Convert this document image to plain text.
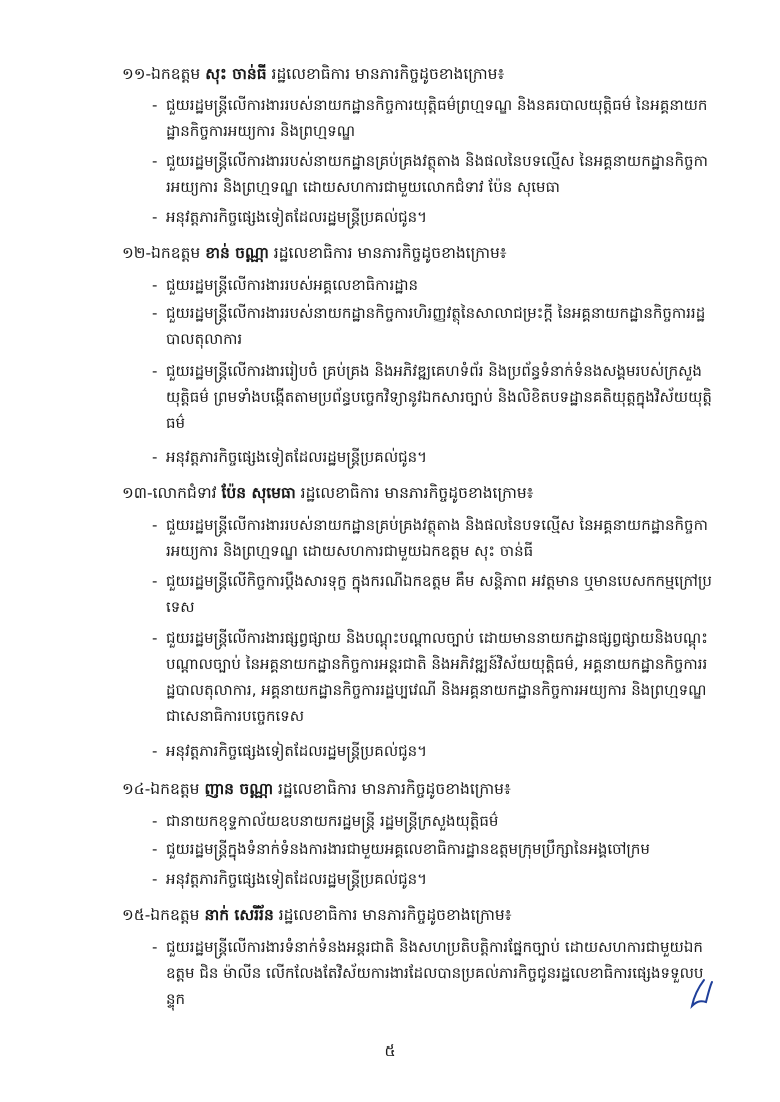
១១-ឯកឧត្តម សុះ ចាន់ធី រដ្ឋលេខាធិការ មានភារកិច្ចដូចខាងក្រោម៖
- ជួយរដ្ឋមន្ត្រីលើការងាររបស់នាយកដ្ឋានកិច្ចការយុត្តិធម៌ព្រហ្មទណ្ឌ និងនគរបាលយុត្តិធម៌ នៃអគ្គនាយកដ្ឋានកិច្ចការអយ្យការ និងព្រហ្មទណ្ឌ
- ជួយរដ្ឋមន្ត្រីលើការងាររបស់នាយកដ្ឋានគ្រប់គ្រងវត្ថុតាង និងផលនៃបទល្មើស នៃអគ្គនាយកដ្ឋានកិច្ចការអយ្យការ និងព្រហ្មទណ្ឌ ដោយសហការជាមួយលោកជំទាវ ប៉ែន សុមេធា
- អនុវត្តភារកិច្ចផ្សេងទៀតដែលរដ្ឋមន្ត្រីប្រគល់ជូន។
១២-ឯកឧត្តម ខាន់ ចណ្ណា រដ្ឋលេខាធិការ មានភារកិច្ចដូចខាងក្រោម៖
- ជួយរដ្ឋមន្ត្រីលើការងាររបស់អគ្គលេខាធិការដ្ឋាន
- ជួយរដ្ឋមន្ត្រីលើការងាររបស់នាយកដ្ឋានកិច្ចការហិរញ្ញវត្ថុនៃសាលាជម្រះក្តី នៃអគ្គនាយកដ្ឋានកិច្ចការរដ្ឋបាលតុលាការ
- ជួយរដ្ឋមន្ត្រីលើការងាររៀបចំ គ្រប់គ្រង និងអភិវឌ្ឍគេហទំព័រ និងប្រព័ន្ធទំនាក់ទំនងសង្គមរបស់ក្រសួងយុត្តិធម៌ ព្រមទាំងបង្កើតតាមប្រព័ន្ធបច្ចេកវិទ្យានូវឯកសារច្បាប់ និងលិខិតបទដ្ឋានគតិយុត្តក្នុងវិស័យយុត្តិធម៌
- អនុវត្តភារកិច្ចផ្សេងទៀតដែលរដ្ឋមន្ត្រីប្រគល់ជូន។
១៣-លោកជំទាវ ប៉ែន សុមេធា រដ្ឋលេខាធិការ មានភារកិច្ចដូចខាងក្រោម៖
- ជួយរដ្ឋមន្ត្រីលើការងាររបស់នាយកដ្ឋានគ្រប់គ្រងវត្ថុតាង និងផលនៃបទល្មើស នៃអគ្គនាយកដ្ឋានកិច្ចការអយ្យការ និងព្រហ្មទណ្ឌ ដោយសហការជាមួយឯកឧត្តម សុះ ចាន់ធី
- ជួយរដ្ឋមន្ត្រីលើកិច្ចការប្ដឹងសារទុក្ខ ក្នុងករណីឯកឧត្តម គឹម សន្តិភាព អវត្តមាន ឬមានបេសកកម្មក្រៅប្រទេស
- ជួយរដ្ឋមន្ត្រីលើការងារផ្សព្វផ្សាយ និងបណ្តុះបណ្តាលច្បាប់ ដោយមាននាយកដ្ឋានផ្សព្វផ្សាយនិងបណ្តុះបណ្តាលច្បាប់ នៃអគ្គនាយកដ្ឋានកិច្ចការអន្តរជាតិ និងអភិវឌ្ឍន៍វិស័យយុត្តិធម៌, អគ្គនាយកដ្ឋានកិច្ចការរដ្ឋបាលតុលាការ, អគ្គនាយកដ្ឋានកិច្ចការរដ្ឋប្បវេណី និងអគ្គនាយកដ្ឋានកិច្ចការអយ្យការ និងព្រហ្មទណ្ឌ ជាសេនាធិការបច្ចេកទេស
- អនុវត្តភារកិច្ចផ្សេងទៀតដែលរដ្ឋមន្ត្រីប្រគល់ជូន។
១៤-ឯកឧត្តម ញាន ចណ្ណា រដ្ឋលេខាធិការ មានភារកិច្ចដូចខាងក្រោម៖
- ជានាយកខុទ្ទកាល័យឧបនាយករដ្ឋមន្ត្រី រដ្ឋមន្ត្រីក្រសួងយុត្តិធម៌
- ជួយរដ្ឋមន្ត្រីក្នុងទំនាក់ទំនងការងារជាមួយអគ្គលេខាធិការដ្ឋានឧត្តមក្រុមប្រឹក្សានៃអង្គចៅក្រម
- អនុវត្តភារកិច្ចផ្សេងទៀតដែលរដ្ឋមន្ត្រីប្រគល់ជូន។
១៥-ឯកឧត្តម នាក់ សេរីរ័ន រដ្ឋលេខាធិការ មានភារកិច្ចដូចខាងក្រោម៖
- ជួយរដ្ឋមន្ត្រីលើការងារទំនាក់ទំនងអន្តរជាតិ និងសហប្រតិបត្តិការផ្នែកច្បាប់ ដោយសហការជាមួយឯកឧត្តម ជិន ម៉ាលីន លើកលែងតែវិស័យការងារដែលបានប្រគល់ភារកិច្ចជូនរដ្ឋលេខាធិការផ្សេងទទួលបន្ទុក
៥
